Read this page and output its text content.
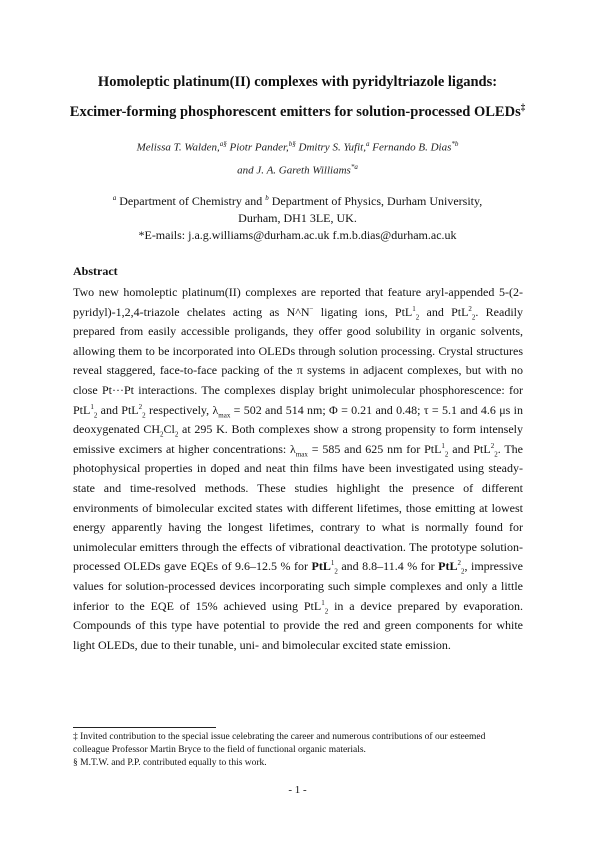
Homoleptic platinum(II) complexes with pyridyltriazole ligands:
Excimer-forming phosphorescent emitters for solution-processed OLEDs‡
Melissa T. Walden,$^{a\S}$ Piotr Pander,$^{b\S}$ Dmitry S. Yufit,$^a$ Fernando B. Dias$^{*b}$
and J. A. Gareth Williams$^{*a}$
$^a$ Department of Chemistry and $^b$ Department of Physics, Durham University,
Durham, DH1 3LE, UK.
*E-mails: j.a.g.williams@durham.ac.uk f.m.b.dias@durham.ac.uk
Abstract

Two new homoleptic platinum(II) complexes are reported that feature aryl-appended 5-(2-pyridyl)-1,2,4-triazole chelates acting as N^N− ligating ions, PtL$^1_2$ and PtL$^2_2$. Readily prepared from easily accessible proligands, they offer good solubility in organic solvents, allowing them to be incorporated into OLEDs through solution processing. Crystal structures reveal staggered, face-to-face packing of the π systems in adjacent complexes, but with no close Pt···Pt interactions. The complexes display bright unimolecular phosphorescence: for PtL$^1_2$ and PtL$^2_2$ respectively, $\lambda_{max} = 502$ and 514 nm; Φ = 0.21 and 0.48; τ = 5.1 and 4.6 μs in deoxygenated $CH_2Cl_2$ at 295 K. Both complexes show a strong propensity to form intensely emissive excimers at higher concentrations: $\lambda_{max} = 585$ and 625 nm for PtL$^1_2$ and PtL$^2_2$. The photophysical properties in doped and neat thin films have been investigated using steady-state and time-resolved methods. These studies highlight the presence of different environments of bimolecular excited states with different lifetimes, those emitting at lowest energy apparently having the longest lifetimes, contrary to what is normally found for unimolecular emitters through the effects of vibrational deactivation. The prototype solution-processed OLEDs gave EQEs of 9.6–12.5 % for PtL$^1_2$ and 8.8–11.4 % for PtL$^2_2$, impressive values for solution-processed devices incorporating such simple complexes and only a little inferior to the EQE of 15% achieved using PtL$^1_2$ in a device prepared by evaporation. Compounds of this type have potential to provide the red and green components for white light OLEDs, due to their tunable, uni- and bimolecular excited state emission.

‡ Invited contribution to the special issue celebrating the career and numerous contributions of our esteemed colleague Professor Martin Bryce to the field of functional organic materials.

§ M.T.W. and P.P. contributed equally to this work.

- 1 -
